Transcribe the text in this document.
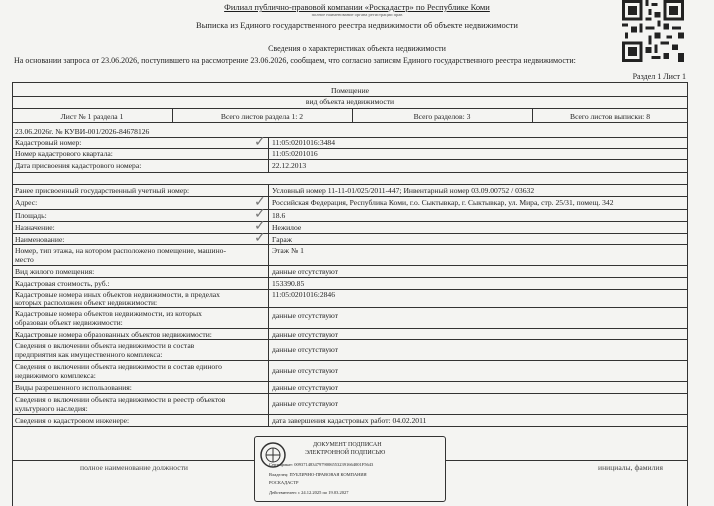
Филиал публично-правовой компании «Роскадастр» по Республике Коми
полное наименование органа регистрации прав
Выписка из Единого государственного реестра недвижимости об объекте недвижимости
Сведения о характеристиках объекта недвижимости
На основании запроса от 23.06.2026, поступившего на рассмотрение 23.06.2026, сообщаем, что согласно записям Единого государственного реестра недвижимости:
Раздел 1 Лист 1
Помещение
вид объекта недвижимости
Лист № 1 раздела 1	Всего листов раздела 1: 2	Всего разделов: 3	Всего листов выписки: 8
23.06.2026г. № КУВИ-001/2026-84678126
Кадастровый номер:	11:05:0201016:3484
Номер кадастрового квартала:	11:05:0201016
Дата присвоения кадастрового номера:	22.12.2013
Ранее присвоенный государственный учетный номер:	Условный номер 11-11-01/025/2011-447; Инвентарный номер 03.09.00752 / 03632
Адрес:	Российская Федерация, Республика Коми, г.о. Сыктывкар, г. Сыктывкар, ул. Мира, стр. 25/31, помещ. 342
Площадь:	18.6
Назначение:	Нежилое
Наименование:	Гараж
Номер, тип этажа, на котором расположено помещение, машино-
место
Этаж № 1
Вид жилого помещения:	данные отсутствуют
Кадастровая стоимость, руб.:	153390.85
Кадастровые номера иных объектов недвижимости, в пределах
которых расположен объект недвижимости:
11:05:0201016:2846
Кадастровые номера объектов недвижимости, из которых
образован объект недвижимости:
данные отсутствуют
Кадастровые номера образованных объектов недвижимости:	данные отсутствуют
Сведения о включении объекта недвижимости в состав
предприятия как имущественного комплекса:
данные отсутствуют
Сведения о включении объекта недвижимости в состав единого
недвижимого комплекса:
данные отсутствуют
Виды разрешенного использования:	данные отсутствуют
Сведения о включении объекта недвижимости в реестр объектов
культурного наследия:
данные отсутствуют
Сведения о кадастровом инженере:	дата завершения кадастровых работ: 04.02.2011
✓
✓
✓
✓
✓
полное наименование должности	инициалы, фамилия
ДОКУМЕНТ ПОДПИСАН
ЭЛЕКТРОННОЙ ПОДПИСЬЮ
Сертификат: 009371483479790065532391664001F5643
Владелец: ПУБЛИЧНО-ПРАВОВАЯ КОМПАНИЯ
РОСКАДАСТР
Действителен: с 24.12.2025 по 19.03.2027
